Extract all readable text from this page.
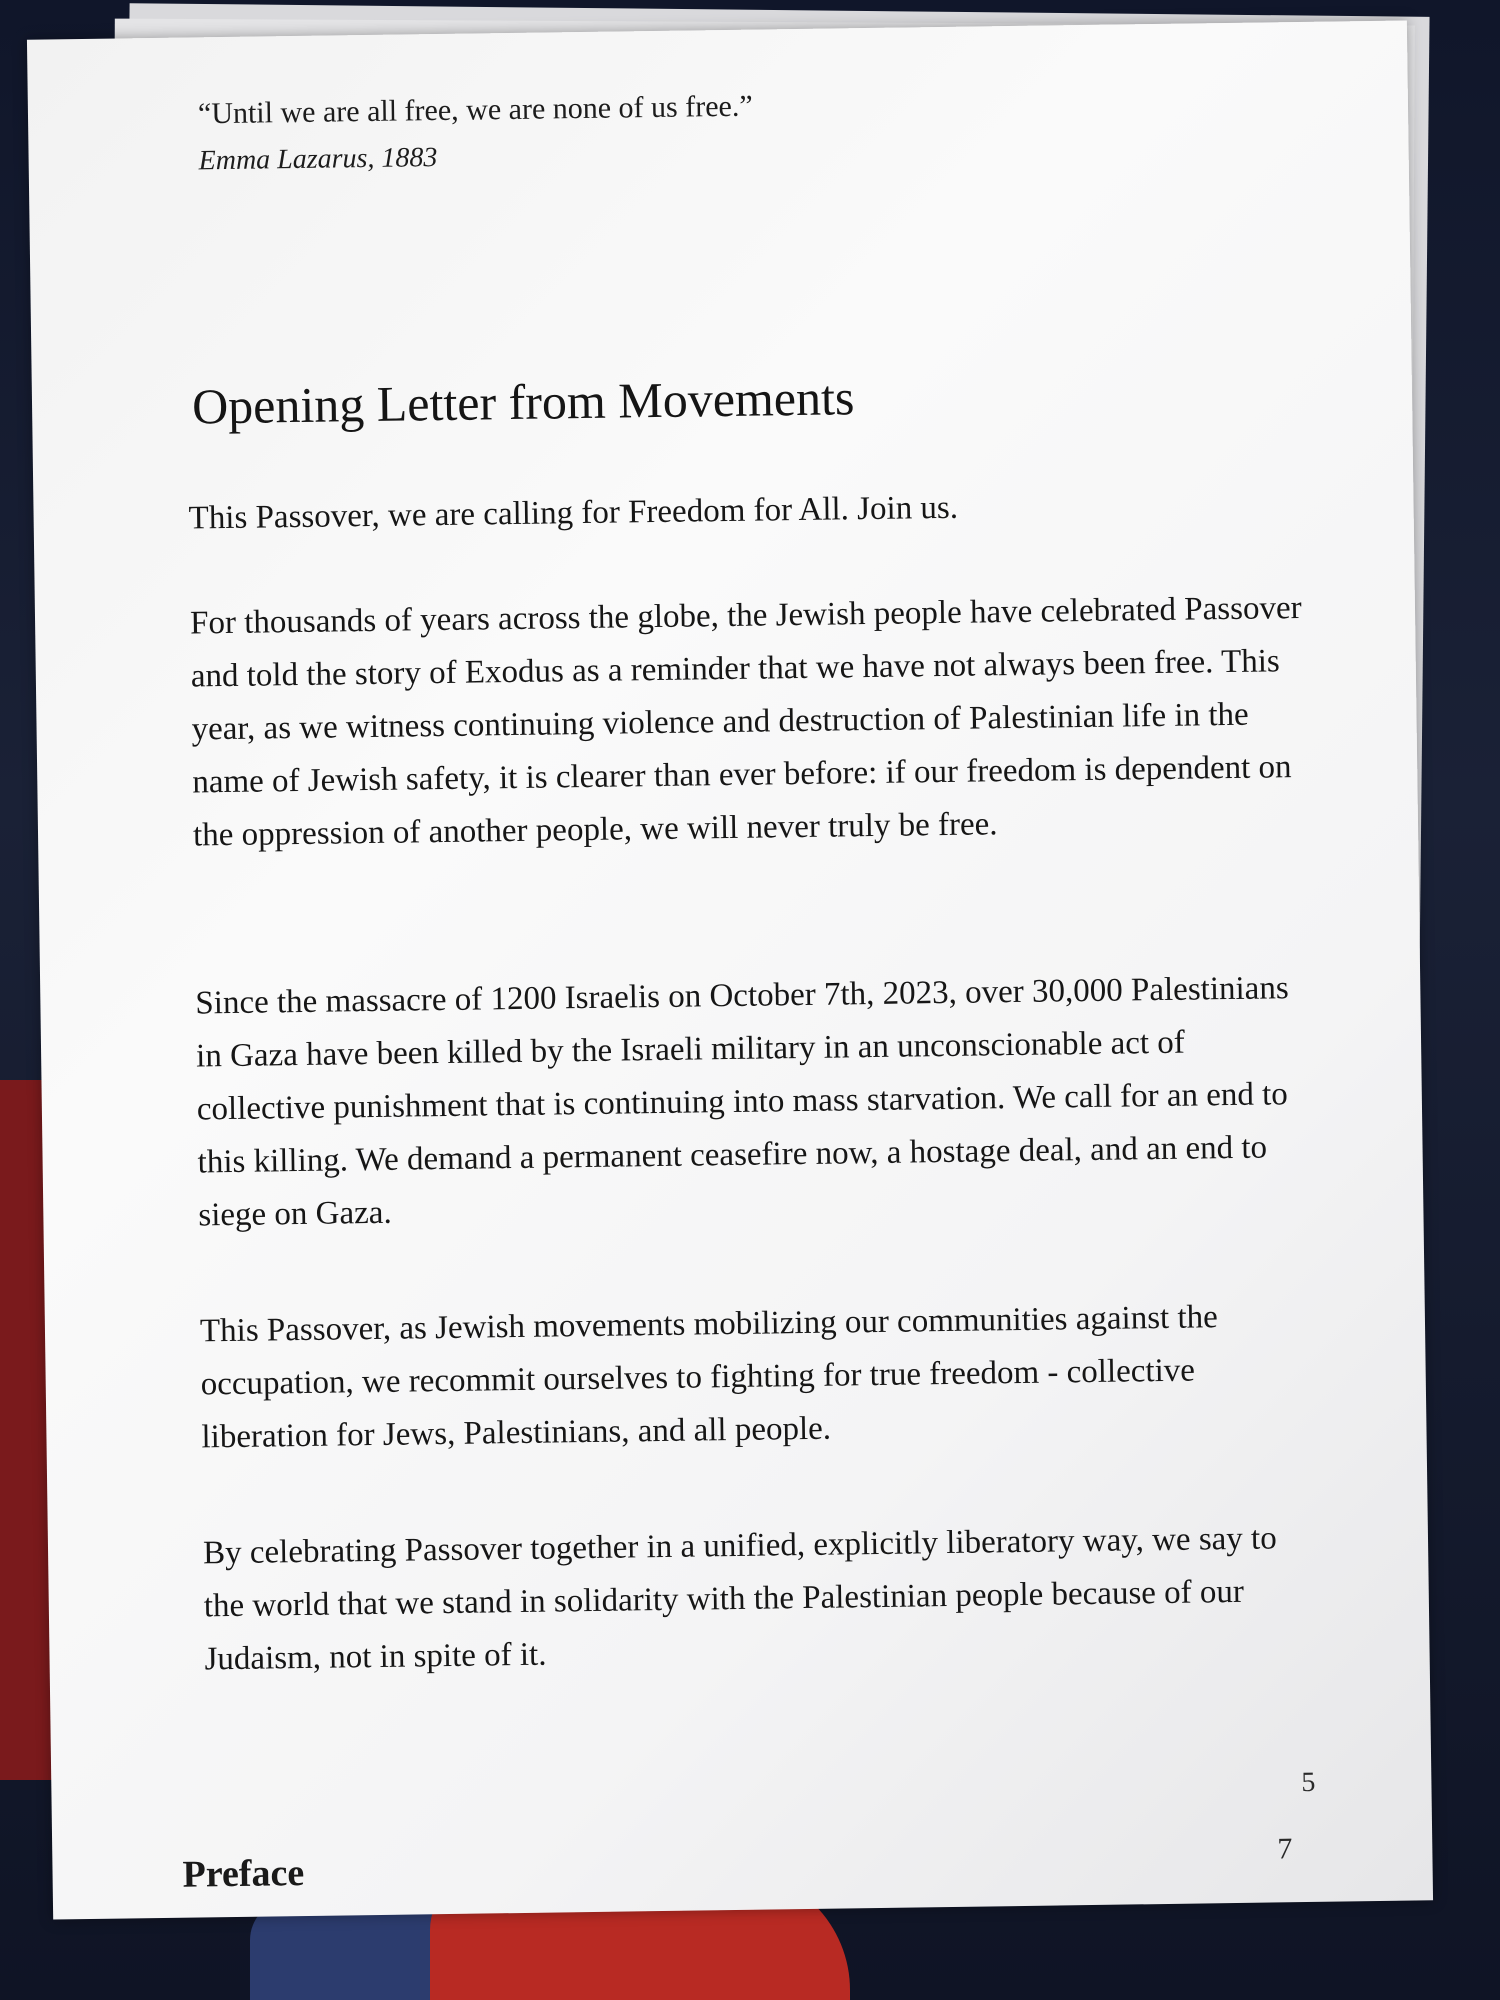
“Until we are all free, we are none of us free.”
Emma Lazarus, 1883
Opening Letter from Movements

This Passover, we are calling for Freedom for All. Join us.

For thousands of years across the globe, the Jewish people have celebrated Passover and told the story of Exodus as a reminder that we have not always been free. This year, as we witness continuing violence and destruction of Palestinian life in the name of Jewish safety, it is clearer than ever before: if our freedom is dependent on the oppression of another people, we will never truly be free.

Since the massacre of 1200 Israelis on October 7th, 2023, over 30,000 Palestinians in Gaza have been killed by the Israeli military in an unconscionable act of collective punishment that is continuing into mass starvation. We call for an end to this killing. We demand a permanent ceasefire now, a hostage deal, and an end to siege on Gaza.

This Passover, as Jewish movements mobilizing our communities against the occupation, we recommit ourselves to fighting for true freedom - collective liberation for Jews, Palestinians, and all people.

By celebrating Passover together in a unified, explicitly liberatory way, we say to the world that we stand in solidarity with the Palestinian people because of our Judaism, not in spite of it.

5
Preface
7
